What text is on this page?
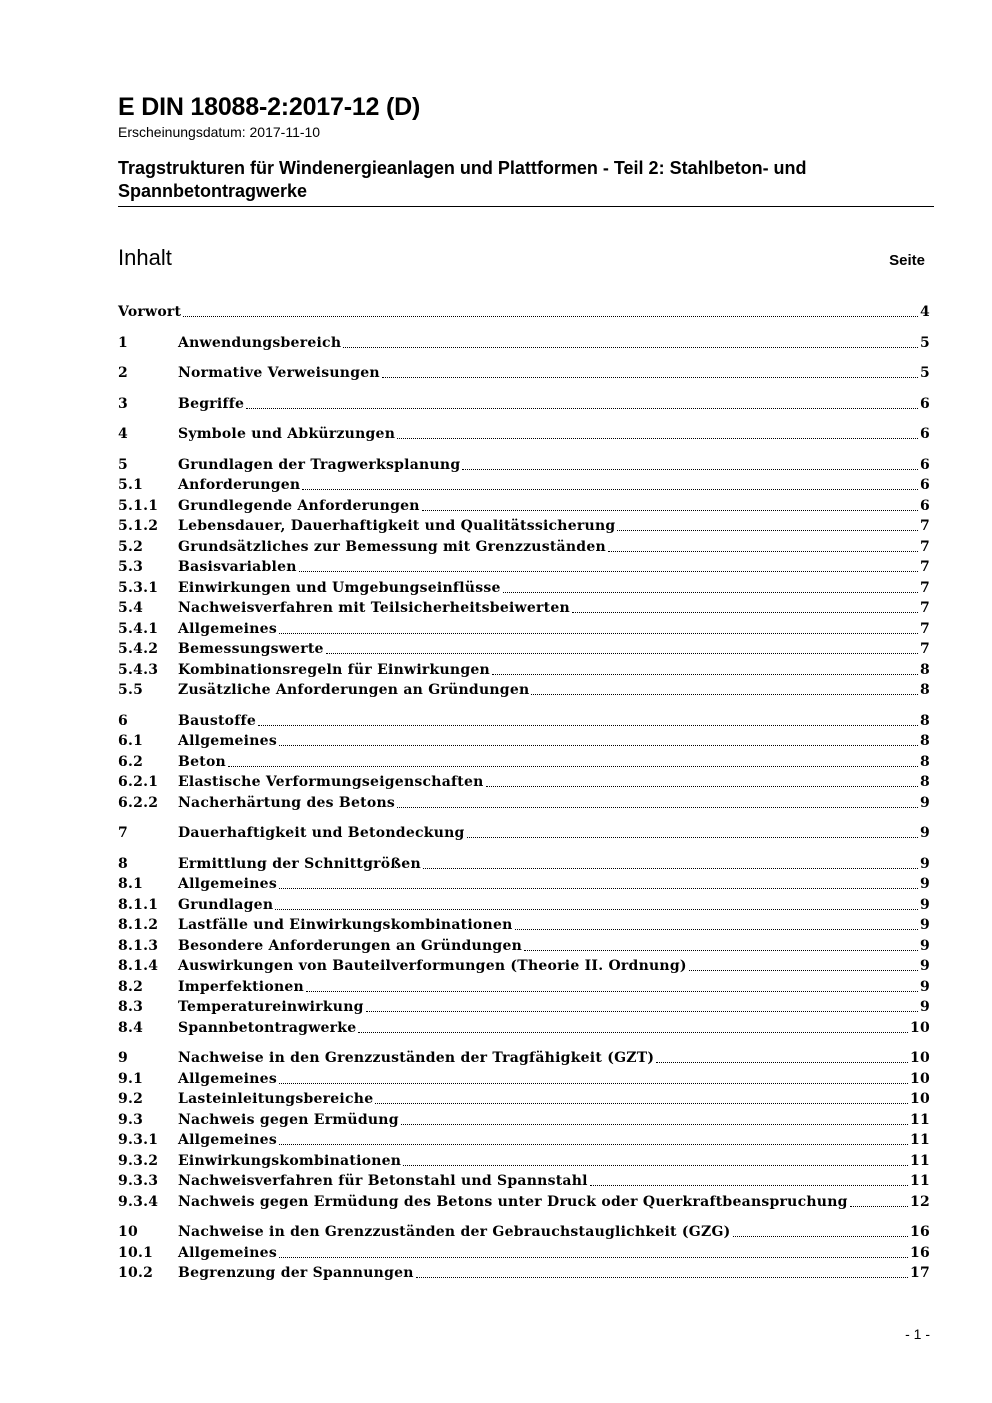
E DIN 18088-2:2017-12 (D)

Erscheinungsdatum: 2017-11-10

Tragstrukturen für Windenergieanlagen und Plattformen - Teil 2: Stahlbeton- und Spannbetontragwerke
Inhalt	Seite
Vorwort	4
1	Anwendungsbereich	5
2	Normative Verweisungen	5
3	Begriffe	6
4	Symbole und Abkürzungen	6
5	Grundlagen der Tragwerksplanung	6
5.1	Anforderungen	6
5.1.1	Grundlegende Anforderungen	6
5.1.2	Lebensdauer, Dauerhaftigkeit und Qualitätssicherung	7
5.2	Grundsätzliches zur Bemessung mit Grenzzuständen	7
5.3	Basisvariablen	7
5.3.1	Einwirkungen und Umgebungseinflüsse	7
5.4	Nachweisverfahren mit Teilsicherheitsbeiwerten	7
5.4.1	Allgemeines	7
5.4.2	Bemessungswerte	7
5.4.3	Kombinationsregeln für Einwirkungen	8
5.5	Zusätzliche Anforderungen an Gründungen	8
6	Baustoffe	8
6.1	Allgemeines	8
6.2	Beton	8
6.2.1	Elastische Verformungseigenschaften	8
6.2.2	Nacherhärtung des Betons	9
7	Dauerhaftigkeit und Betondeckung	9
8	Ermittlung der Schnittgrößen	9
8.1	Allgemeines	9
8.1.1	Grundlagen	9
8.1.2	Lastfälle und Einwirkungskombinationen	9
8.1.3	Besondere Anforderungen an Gründungen	9
8.1.4	Auswirkungen von Bauteilverformungen (Theorie II. Ordnung)	9
8.2	Imperfektionen	9
8.3	Temperatureinwirkung	9
8.4	Spannbetontragwerke	10
9	Nachweise in den Grenzzuständen der Tragfähigkeit (GZT)	10
9.1	Allgemeines	10
9.2	Lasteinleitungsbereiche	10
9.3	Nachweis gegen Ermüdung	11
9.3.1	Allgemeines	11
9.3.2	Einwirkungskombinationen	11
9.3.3	Nachweisverfahren für Betonstahl und Spannstahl	11
9.3.4	Nachweis gegen Ermüdung des Betons unter Druck oder Querkraftbeanspruchung	12
10	Nachweise in den Grenzzuständen der Gebrauchstauglichkeit (GZG)	16
10.1	Allgemeines	16
10.2	Begrenzung der Spannungen	17
- 1 -
